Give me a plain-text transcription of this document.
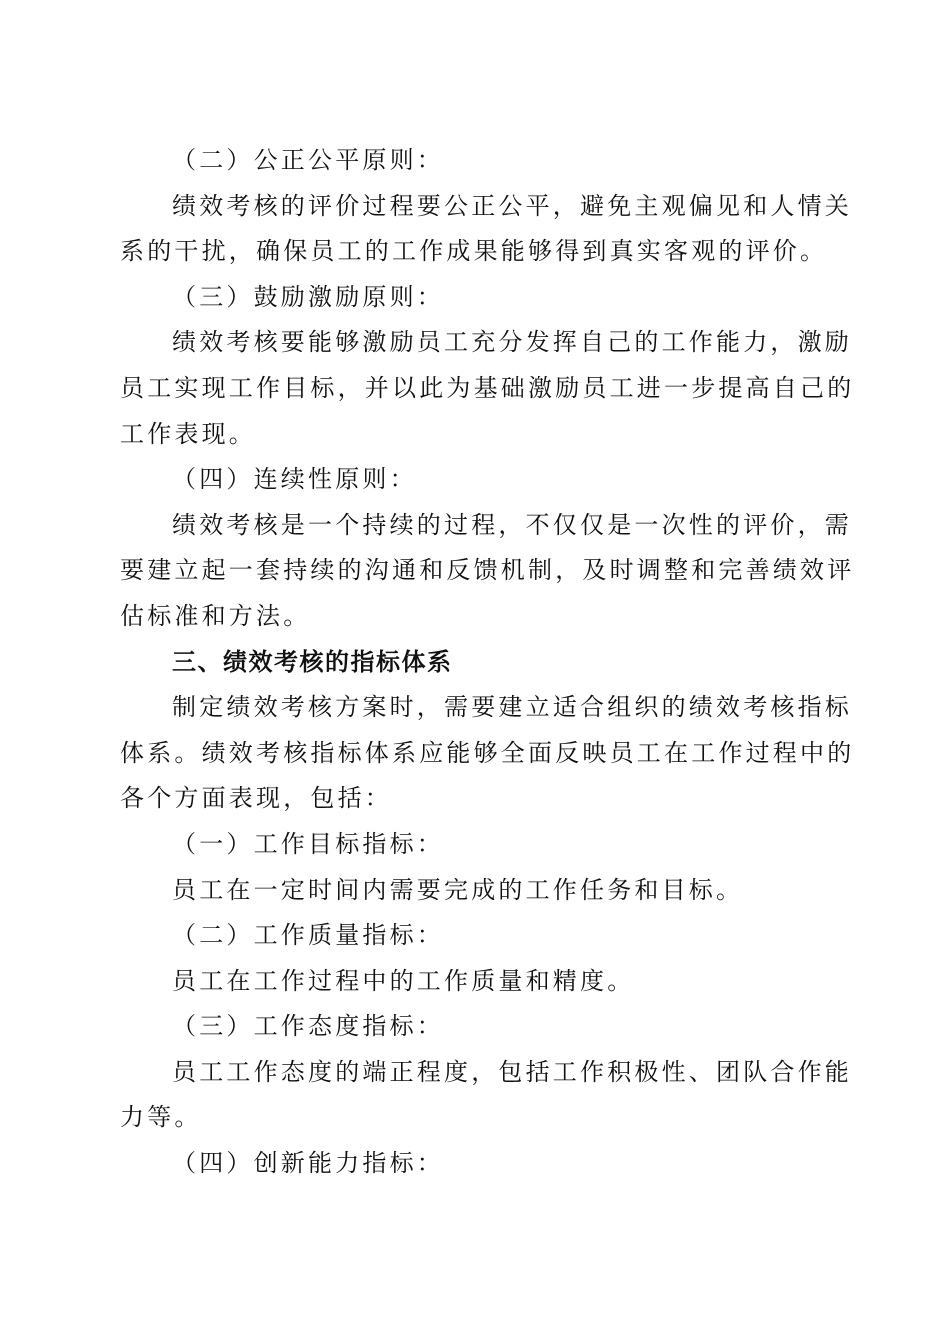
（二）公正公平原则：
绩效考核的评价过程要公正公平，避免主观偏见和人情关
系的干扰，确保员工的工作成果能够得到真实客观的评价。
（三）鼓励激励原则：
绩效考核要能够激励员工充分发挥自己的工作能力，激励
员工实现工作目标，并以此为基础激励员工进一步提高自己的
工作表现。
（四）连续性原则：
绩效考核是一个持续的过程，不仅仅是一次性的评价，需
要建立起一套持续的沟通和反馈机制，及时调整和完善绩效评
估标准和方法。
三、绩效考核的指标体系
制定绩效考核方案时，需要建立适合组织的绩效考核指标
体系。绩效考核指标体系应能够全面反映员工在工作过程中的
各个方面表现，包括：
（一）工作目标指标：
员工在一定时间内需要完成的工作任务和目标。
（二）工作质量指标：
员工在工作过程中的工作质量和精度。
（三）工作态度指标：
员工工作态度的端正程度，包括工作积极性、团队合作能
力等。
（四）创新能力指标：
